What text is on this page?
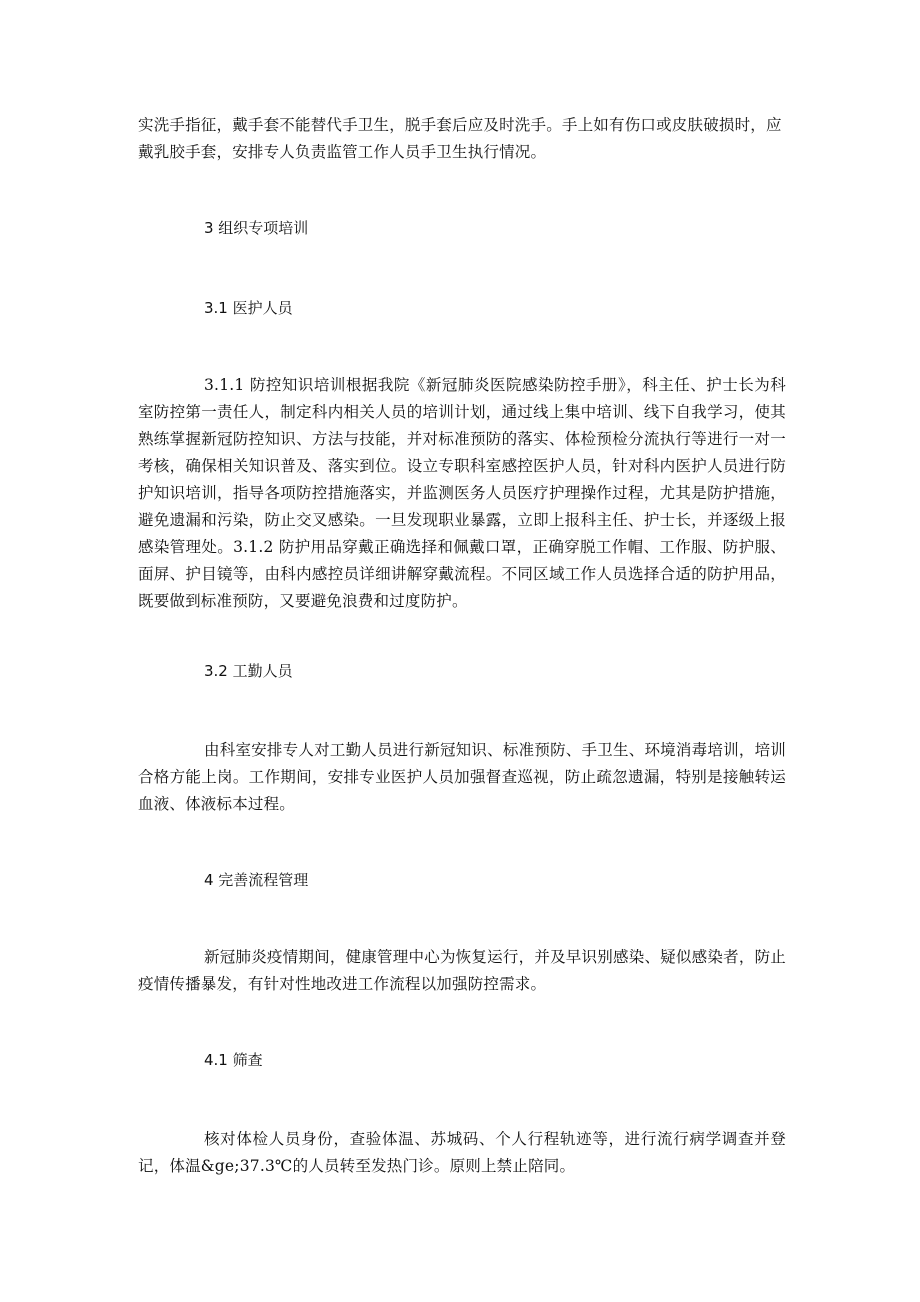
实洗手指征，戴手套不能替代手卫生，脱手套后应及时洗手。手上如有伤口或皮肤破损时，应戴乳胶手套，安排专人负责监管工作人员手卫生执行情况。
3 组织专项培训
3.1 医护人员
3.1.1 防控知识培训根据我院《新冠肺炎医院感染防控手册》，科主任、护士长为科室防控第一责任人，制定科内相关人员的培训计划，通过线上集中培训、线下自我学习，使其熟练掌握新冠防控知识、方法与技能，并对标准预防的落实、体检预检分流执行等进行一对一考核，确保相关知识普及、落实到位。设立专职科室感控医护人员，针对科内医护人员进行防护知识培训，指导各项防控措施落实，并监测医务人员医疗护理操作过程，尤其是防护措施，避免遗漏和污染，防止交叉感染。一旦发现职业暴露，立即上报科主任、护士长，并逐级上报感染管理处。3.1.2 防护用品穿戴正确选择和佩戴口罩，正确穿脱工作帽、工作服、防护服、面屏、护目镜等，由科内感控员详细讲解穿戴流程。不同区域工作人员选择合适的防护用品，既要做到标准预防，又要避免浪费和过度防护。
3.2 工勤人员
由科室安排专人对工勤人员进行新冠知识、标准预防、手卫生、环境消毒培训，培训合格方能上岗。工作期间，安排专业医护人员加强督查巡视，防止疏忽遗漏，特别是接触转运血液、体液标本过程。
4 完善流程管理
新冠肺炎疫情期间，健康管理中心为恢复运行，并及早识别感染、疑似感染者，防止疫情传播暴发，有针对性地改进工作流程以加强防控需求。
4.1 筛查
核对体检人员身份，查验体温、苏城码、个人行程轨迹等，进行流行病学调查并登记，体温&ge;37.3℃的人员转至发热门诊。原则上禁止陪同。
